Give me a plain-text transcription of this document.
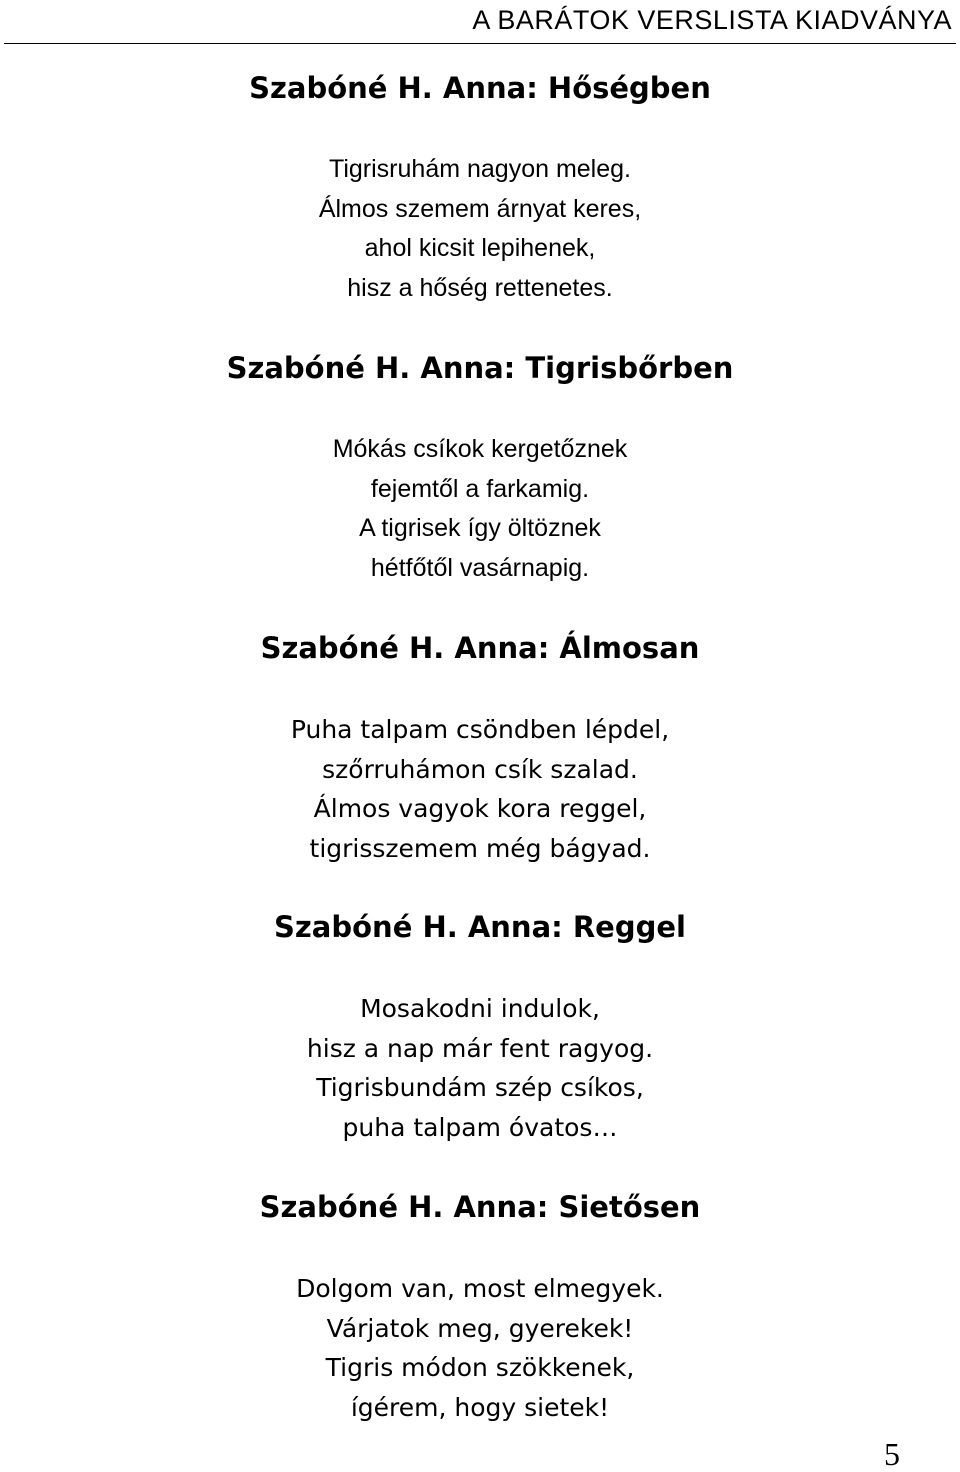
A BARÁTOK VERSLISTA KIADVÁNYA
Szabóné H. Anna: Hőségben
Tigrisruhám nagyon meleg.
Álmos szemem árnyat keres,
ahol kicsit lepihenek,
hisz a hőség rettenetes.
Szabóné H. Anna: Tigrisbőrben
Mókás csíkok kergetőznek
fejemtől a farkamig.
A tigrisek így öltöznek
hétfőtől vasárnapig.
Szabóné H. Anna: Álmosan
Puha talpam csöndben lépdel,
szőrruhámon csík szalad.
Álmos vagyok kora reggel,
tigrisszemem még bágyad.
Szabóné H. Anna: Reggel
Mosakodni indulok,
hisz a nap már fent ragyog.
Tigrisbundám szép csíkos,
puha talpam óvatos…
Szabóné H. Anna: Sietősen
Dolgom van, most elmegyek.
Várjatok meg, gyerekek!
Tigris módon szökkenek,
ígérem, hogy sietek!
5
